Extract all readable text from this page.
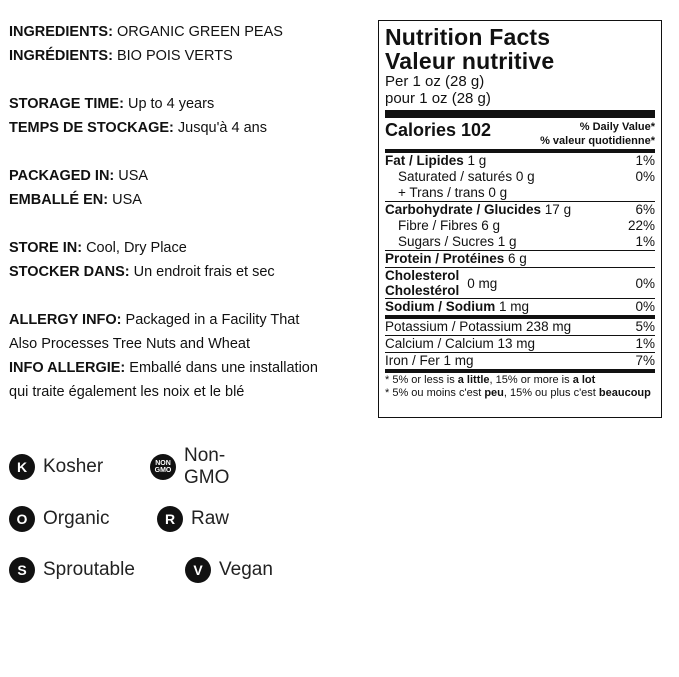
INGREDIENTS: ORGANIC GREEN PEAS
INGRÉDIENTS: BIO POIS VERTS
STORAGE TIME: Up to 4 years
TEMPS DE STOCKAGE: Jusqu'à 4 ans
PACKAGED IN: USA
EMBALLÉ EN: USA
STORE IN: Cool, Dry Place
STOCKER DANS: Un endroit frais et sec
ALLERGY INFO: Packaged in a Facility That
Also Processes Tree Nuts and Wheat
INFO ALLERGIE: Emballé dans une installation
qui traite également les noix et le blé
K Kosher	NON
GMO
Non-GMO
O Organic	R Raw
S Sproutable	V Vegan
Nutrition Facts
Valeur nutritive
Per 1 oz (28 g)
pour 1 oz (28 g)
Calories 102	% Daily Value*
% valeur quotidienne*
Fat / Lipides 1 g	1%
Saturated / saturés 0 g	0%
+ Trans / trans 0 g
Carbohydrate / Glucides 17 g	6%
Fibre / Fibres 6 g	22%
Sugars / Sucres 1 g	1%
Protein / Protéines 6 g
Cholesterol
Cholestérol 0 mg	0%
Sodium / Sodium 1 mg	0%
Potassium / Potassium 238 mg	5%
Calcium / Calcium 13 mg	1%
Iron / Fer 1 mg	7%
* 5% or less is a little, 15% or more is a lot
* 5% ou moins c'est peu, 15% ou plus c'est beaucoup
